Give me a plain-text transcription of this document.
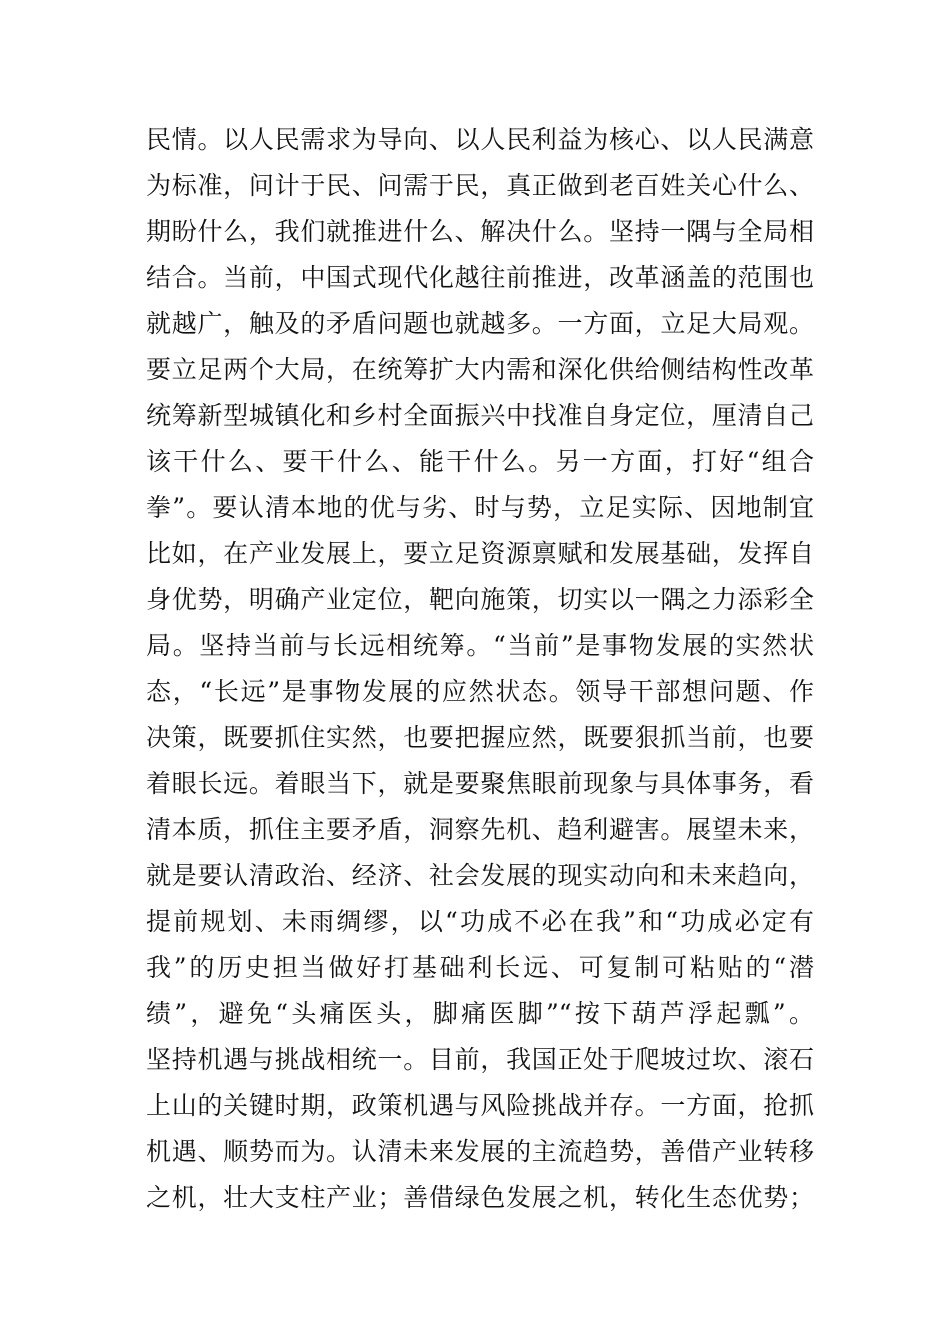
民情。以人民需求为导向、以人民利益为核心、以人民满意
为标准，问计于民、问需于民，真正做到老百姓关心什么、
期盼什么，我们就推进什么、解决什么。坚持一隅与全局相
结合。当前，中国式现代化越往前推进，改革涵盖的范围也
就越广，触及的矛盾问题也就越多。一方面，立足大局观。
要立足两个大局，在统筹扩大内需和深化供给侧结构性改革
统筹新型城镇化和乡村全面振兴中找准自身定位，厘清自己
该干什么、要干什么、能干什么。另一方面，打好“组合
拳”。要认清本地的优与劣、时与势，立足实际、因地制宜
比如，在产业发展上，要立足资源禀赋和发展基础，发挥自
身优势，明确产业定位，靶向施策，切实以一隅之力添彩全
局。坚持当前与长远相统筹。“当前”是事物发展的实然状
态，“长远”是事物发展的应然状态。领导干部想问题、作
决策，既要抓住实然，也要把握应然，既要狠抓当前，也要
着眼长远。着眼当下，就是要聚焦眼前现象与具体事务，看
清本质，抓住主要矛盾，洞察先机、趋利避害。展望未来，
就是要认清政治、经济、社会发展的现实动向和未来趋向，
提前规划、未雨绸缪，以“功成不必在我”和“功成必定有
我”的历史担当做好打基础利长远、可复制可粘贴的“潜
绩”，避免“头痛医头，脚痛医脚”“按下葫芦浮起瓢”。
坚持机遇与挑战相统一。目前，我国正处于爬坡过坎、滚石
上山的关键时期，政策机遇与风险挑战并存。一方面，抢抓
机遇、顺势而为。认清未来发展的主流趋势，善借产业转移
之机，壮大支柱产业；善借绿色发展之机，转化生态优势；
